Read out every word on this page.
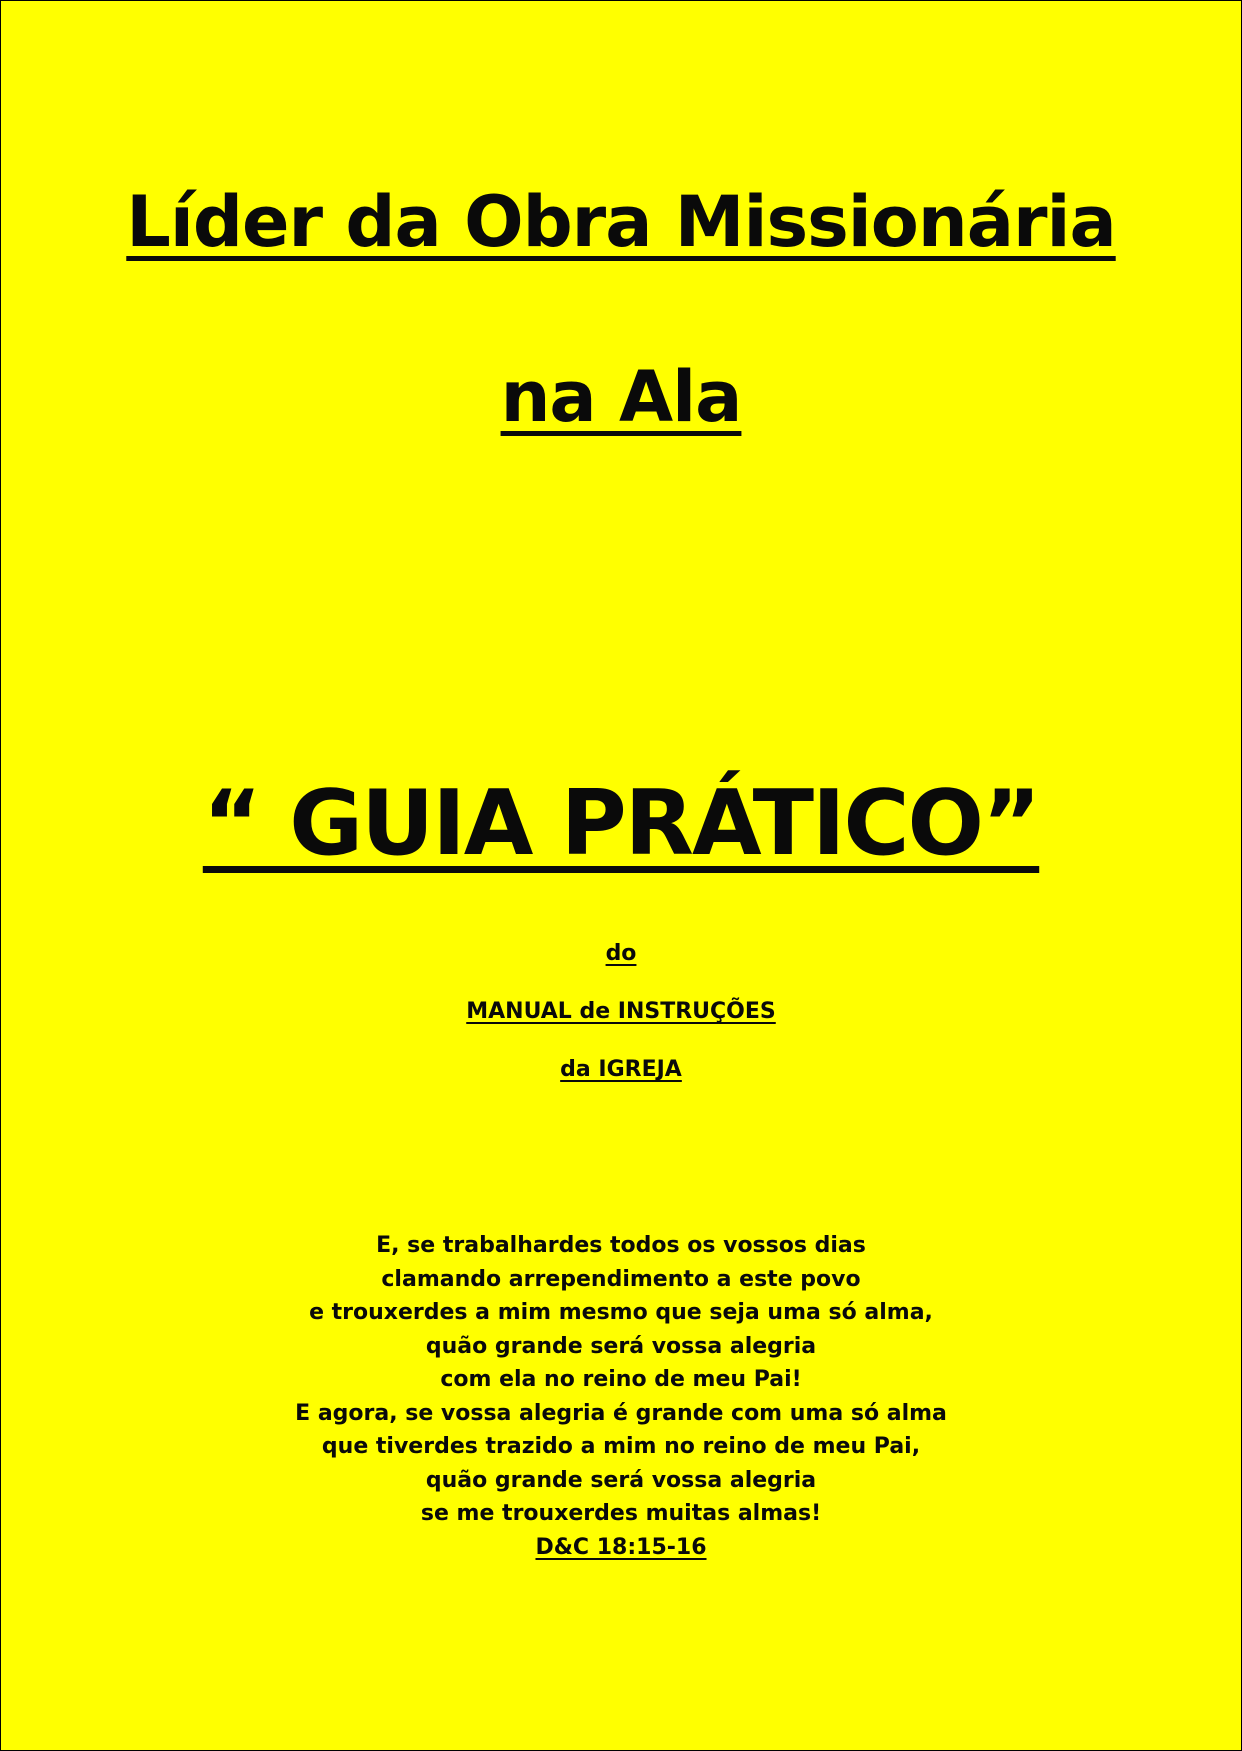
Líder da Obra Missionária
na Ala
“ GUIA PRÁTICO”
do
MANUAL de INSTRUÇÕES
da IGREJA
E, se trabalhardes todos os vossos dias
clamando arrependimento a este povo
e trouxerdes a mim mesmo que seja uma só alma,
quão grande será vossa alegria
com ela no reino de meu Pai!
E agora, se vossa alegria é grande com uma só alma
que tiverdes trazido a mim no reino de meu Pai,
quão grande será vossa alegria
se me trouxerdes muitas almas!
D&C 18:15-16
